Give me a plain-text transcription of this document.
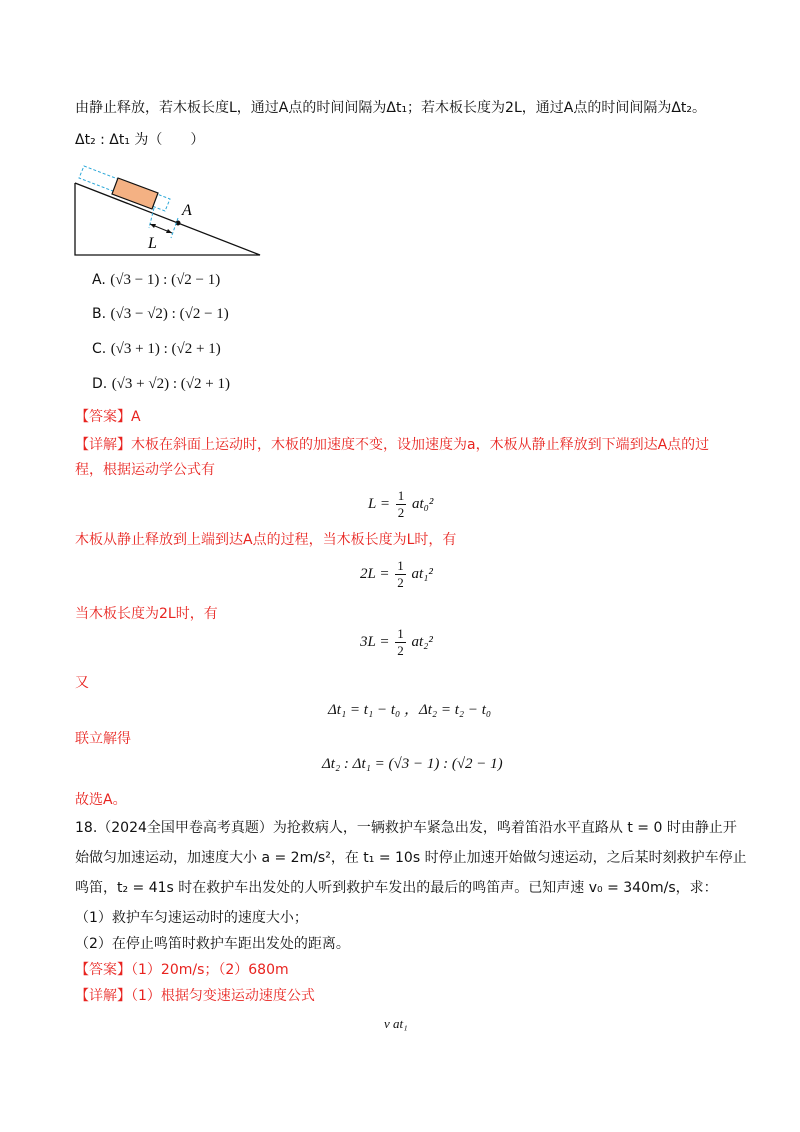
由静止释放，若木板长度L，通过A点的时间间隔为Δt₁；若木板长度为2L，通过A点的时间间隔为Δt₂。
Δt₂ : Δt₁ 为（　　）
A
L
A. (√3 − 1) : (√2 − 1)
B. (√3 − √2) : (√2 − 1)
C. (√3 + 1) : (√2 + 1)
D. (√3 + √2) : (√2 + 1)
【答案】A
【详解】木板在斜面上运动时，木板的加速度不变，设加速度为a，木板从静止释放到下端到达A点的过
程，根据运动学公式有
$L = \frac{1}{2} at_0^2$
木板从静止释放到上端到达A点的过程，当木板长度为L时，有
$2L = \frac{1}{2} at_1^2$
当木板长度为2L时，有
$3L = \frac{1}{2} at_2^2$
又
Δt₁ = t₁ − t₀ ，Δt₂ = t₂ − t₀
联立解得
Δt₂ : Δt₁ = (√3 − 1) : (√2 − 1)
故选A。
18.（2024全国甲卷高考真题）为抢救病人，一辆救护车紧急出发，鸣着笛沿水平直路从 t = 0 时由静止开
始做匀加速运动，加速度大小 a = 2m/s²，在 t₁ = 10s 时停止加速开始做匀速运动，之后某时刻救护车停止
鸣笛，t₂ = 41s 时在救护车出发处的人听到救护车发出的最后的鸣笛声。已知声速 v₀ = 340m/s，求：
（1）救护车匀速运动时的速度大小；
（2）在停止鸣笛时救护车距出发处的距离。
【答案】（1）20m/s；（2）680m
【详解】（1）根据匀变速运动速度公式
v at₁
